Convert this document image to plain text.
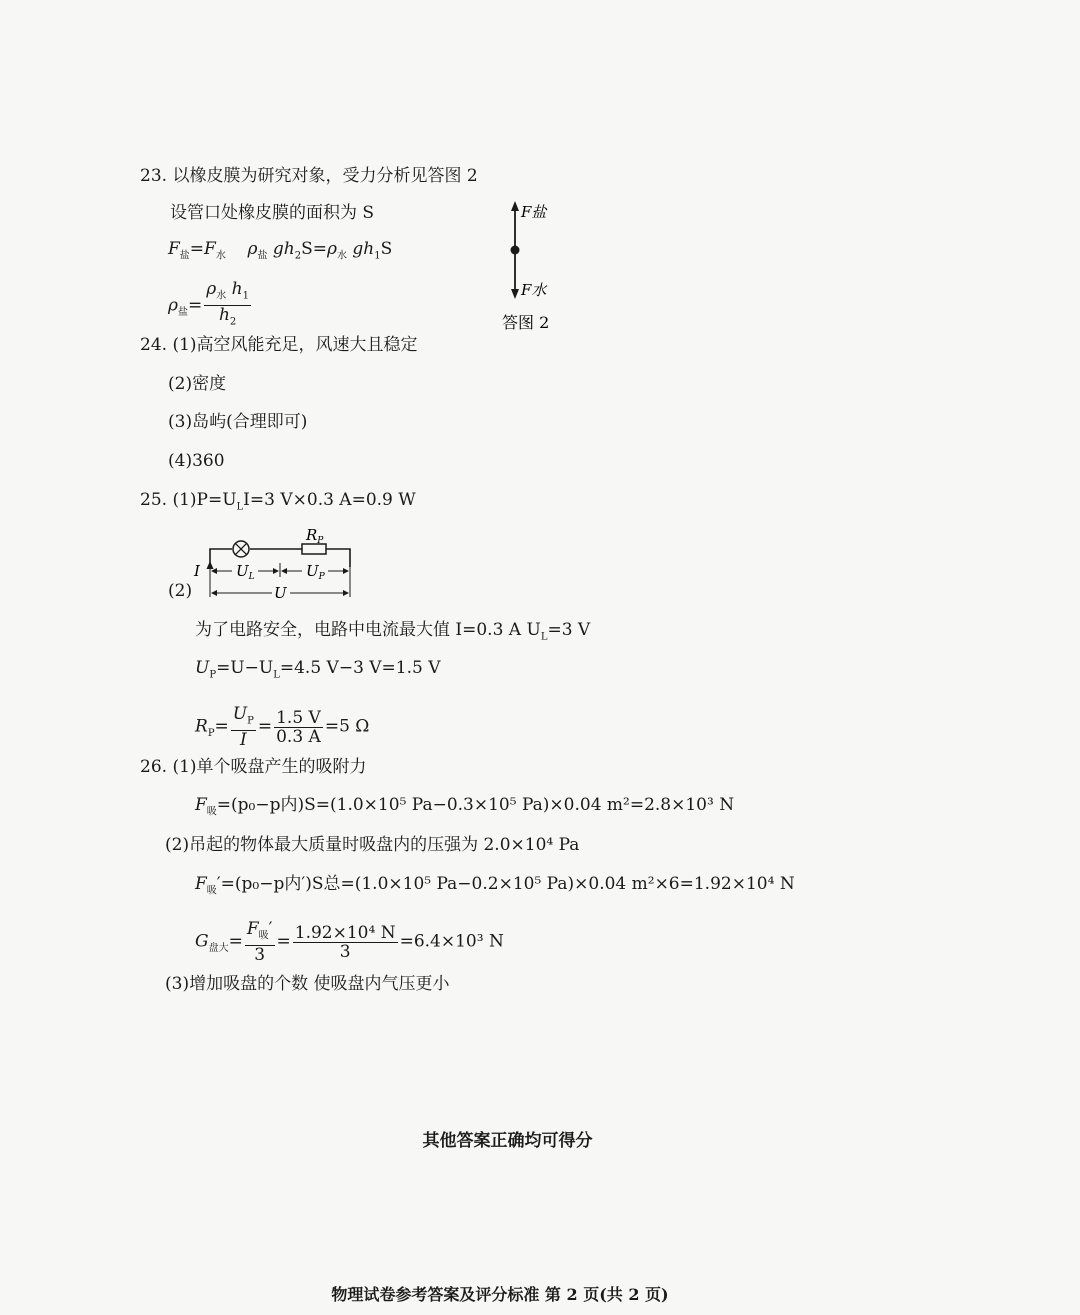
23. 以橡皮膜为研究对象，受力分析见答图 2
设管口处橡皮膜的面积为 S
$F_盐=F_水$ $\rho_盐$ $gh_2S=\rho_水$ $gh_1S$
$\rho_盐= \frac{\rho_水 h_1}{h_2}$
F盐
F水
答图 2
24. (1)高空风能充足，风速大且稳定
(2)密度
(3)岛屿(合理即可)
(4)360
25. $(1)P=U_LI=3$ V×0.3 A=0.9 W
(2)
$R_P$
I $U_L$	$U_P$
U
为了电路安全，电路中电流最大值 I=0.3 A $U_L=3$ V
$U_P=U-U_L=4.5$ V−3 V=1.5 V
$R_P= \frac{U_P}{I} = \frac{1.5 V}{0.3 A} =5$ Ω
26. (1)单个吸盘产生的吸附力
$F_吸=(p_0-p$内)S=(1.0×10⁵ Pa−0.3×10⁵ Pa)×0.04 m²=2.8×10³ N
(2)吊起的物体最大质量时吸盘内的压强为 2.0×10⁴ Pa
$F_吸'=(p_0-p$内′)S总=(1.0×10⁵ Pa−0.2×10⁵ Pa)×0.04 m²×6=1.92×10⁴ N
$G_{盘大}= \frac{F_吸'}{3} = \frac{\text{1.92×10⁴ N}}{3} =6.4\times 10^3$ N
(3)增加吸盘的个数 使吸盘内气压更小
其他答案正确均可得分
物理试卷参考答案及评分标准 第 2 页(共 2 页)
